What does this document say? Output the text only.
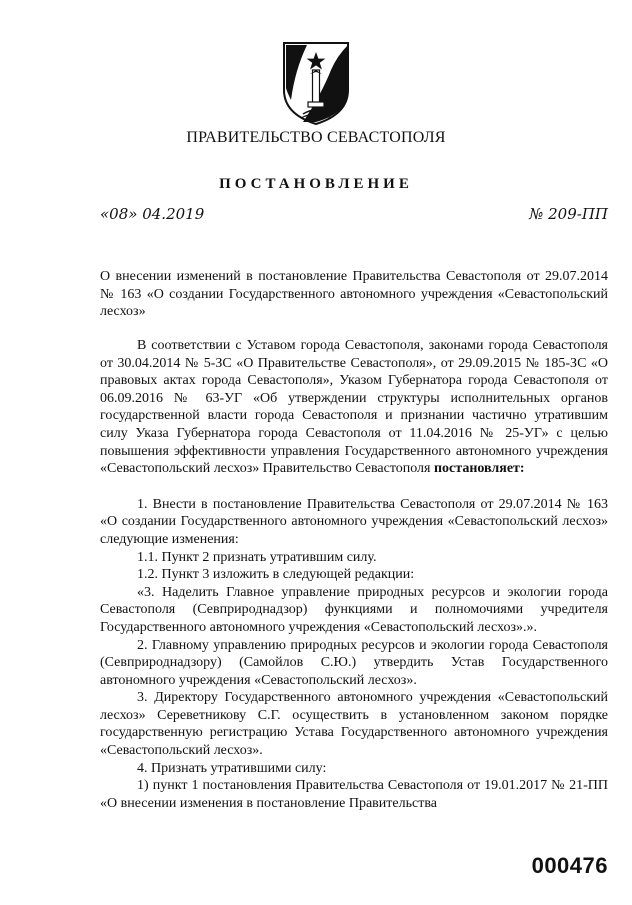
ПРАВИТЕЛЬСТВО СЕВАСТОПОЛЯ
ПОСТАНОВЛЕНИЕ
«08» 04.2019	№ 209-ПП
О внесении изменений в постановление Правительства Севастополя от 29.07.2014 № 163 «О создании Государственного автономного учреждения «Севастопольский лесхоз»

В соответствии с Уставом города Севастополя, законами города Севастополя от 30.04.2014 № 5-ЗС «О Правительстве Севастополя», от 29.09.2015 № 185-ЗС «О правовых актах города Севастополя», Указом Губернатора города Севастополя от 06.09.2016 № 63-УГ «Об утверждении структуры исполнительных органов государственной власти города Севастополя и признании частично утратившим силу Указа Губернатора города Севастополя от 11.04.2016 № 25-УГ» с целью повышения эффективности управления Государственного автономного учреждения «Севастопольский лесхоз» Правительство Севастополя постановляет:

1. Внести в постановление Правительства Севастополя от 29.07.2014 № 163 «О создании Государственного автономного учреждения «Севастопольский лесхоз» следующие изменения:

1.1. Пункт 2 признать утратившим силу.

1.2. Пункт 3 изложить в следующей редакции:

«3. Наделить Главное управление природных ресурсов и экологии города Севастополя (Севприроднадзор) функциями и полномочиями учредителя Государственного автономного учреждения «Севастопольский лесхоз».».

2. Главному управлению природных ресурсов и экологии города Севастополя (Севприроднадзору) (Самойлов С.Ю.) утвердить Устав Государственного автономного учреждения «Севастопольский лесхоз».

3. Директору Государственного автономного учреждения «Севастопольский лесхоз» Сереветникову С.Г. осуществить в установленном законом порядке государственную регистрацию Устава Государственного автономного учреждения «Севастопольский лесхоз».

4. Признать утратившими силу:

1) пункт 1 постановления Правительства Севастополя от 19.01.2017 № 21-ПП «О внесении изменения в постановление Правительства

000476
